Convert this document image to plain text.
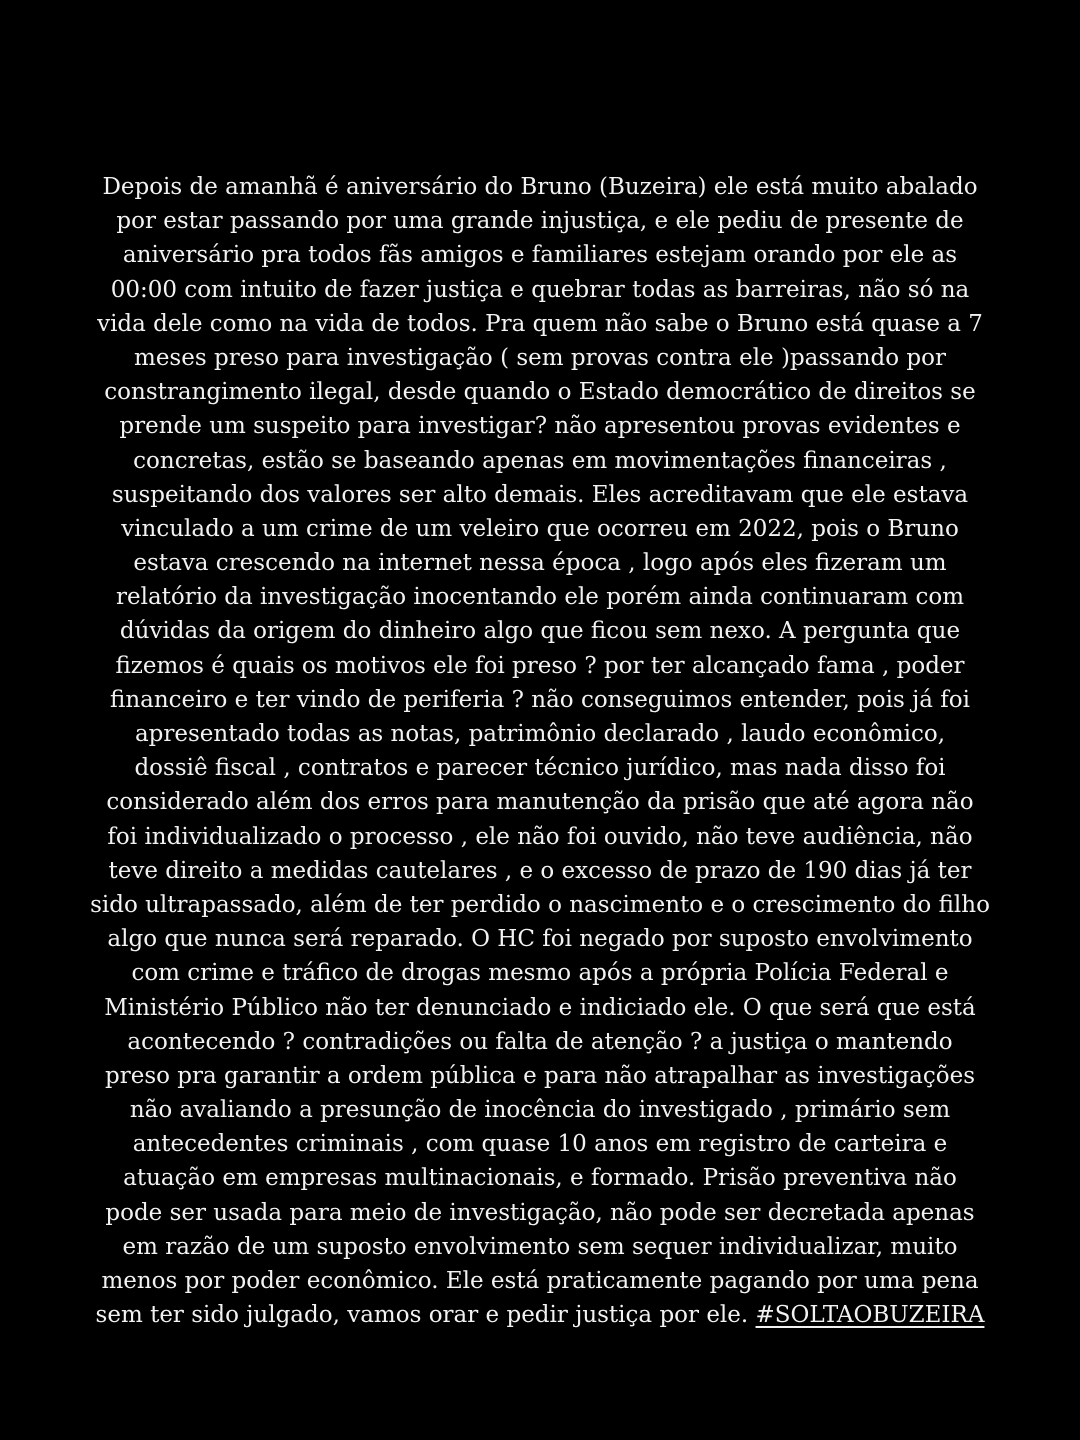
Depois de amanhã é aniversário do Bruno (Buzeira) ele está muito abalado
por estar passando por uma grande injustiça, e ele pediu de presente de
aniversário pra todos fãs amigos e familiares estejam orando por ele as
00:00 com intuito de fazer justiça e quebrar todas as barreiras, não só na
vida dele como na vida de todos. Pra quem não sabe o Bruno está quase a 7
meses preso para investigação ( sem provas contra ele )passando por
constrangimento ilegal, desde quando o Estado democrático de direitos se
prende um suspeito para investigar? não apresentou provas evidentes e
concretas, estão se baseando apenas em movimentações financeiras ,
suspeitando dos valores ser alto demais. Eles acreditavam que ele estava
vinculado a um crime de um veleiro que ocorreu em 2022, pois o Bruno
estava crescendo na internet nessa época , logo após eles fizeram um
relatório da investigação inocentando ele porém ainda continuaram com
dúvidas da origem do dinheiro algo que ficou sem nexo. A pergunta que
fizemos é quais os motivos ele foi preso ? por ter alcançado fama , poder
financeiro e ter vindo de periferia ? não conseguimos entender, pois já foi
apresentado todas as notas, patrimônio declarado , laudo econômico,
dossiê fiscal , contratos e parecer técnico jurídico, mas nada disso foi
considerado além dos erros para manutenção da prisão que até agora não
foi individualizado o processo , ele não foi ouvido, não teve audiência, não
teve direito a medidas cautelares , e o excesso de prazo de 190 dias já ter
sido ultrapassado, além de ter perdido o nascimento e o crescimento do filho
algo que nunca será reparado. O HC foi negado por suposto envolvimento
com crime e tráfico de drogas mesmo após a própria Polícia Federal e
Ministério Público não ter denunciado e indiciado ele. O que será que está
acontecendo ? contradições ou falta de atenção ? a justiça o mantendo
preso pra garantir a ordem pública e para não atrapalhar as investigações
não avaliando a presunção de inocência do investigado , primário sem
antecedentes criminais , com quase 10 anos em registro de carteira e
atuação em empresas multinacionais, e formado. Prisão preventiva não
pode ser usada para meio de investigação, não pode ser decretada apenas
em razão de um suposto envolvimento sem sequer individualizar, muito
menos por poder econômico. Ele está praticamente pagando por uma pena
sem ter sido julgado, vamos orar e pedir justiça por ele. #SOLTAOBUZEIRA
